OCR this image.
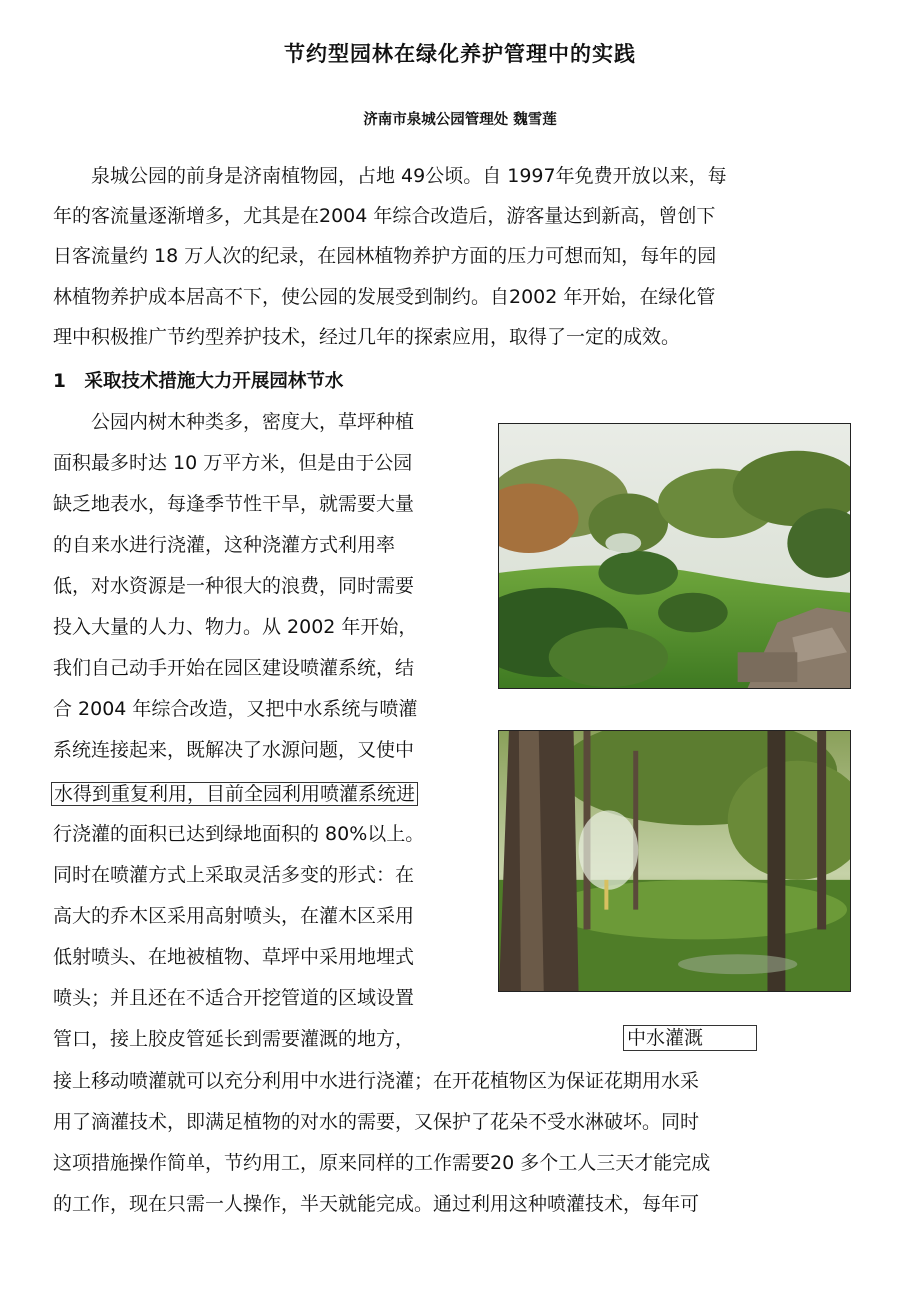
节约型园林在绿化养护管理中的实践
济南市泉城公园管理处 魏雪莲
　　泉城公园的前身是济南植物园，占地 49公顷。自 1997年免费开放以来，每
年的客流量逐渐增多，尤其是在2004 年综合改造后，游客量达到新高，曾创下
日客流量约 18 万人次的纪录，在园林植物养护方面的压力可想而知，每年的园
林植物养护成本居高不下，使公园的发展受到制约。自2002 年开始，在绿化管
理中积极推广节约型养护技术，经过几年的探索应用，取得了一定的成效。
1　采取技术措施大力开展园林节水
　　公园内树木种类多，密度大，草坪种植
面积最多时达 10 万平方米，但是由于公园
缺乏地表水，每逢季节性干旱，就需要大量
的自来水进行浇灌，这种浇灌方式利用率
低，对水资源是一种很大的浪费，同时需要
投入大量的人力、物力。从 2002 年开始，
我们自己动手开始在园区建设喷灌系统，结
合 2004 年综合改造，又把中水系统与喷灌
系统连接起来，既解决了水源问题，又使中
水得到重复利用，目前全园利用喷灌系统进
行浇灌的面积已达到绿地面积的 80%以上。
同时在喷灌方式上采取灵活多变的形式：在
高大的乔木区采用高射喷头，在灌木区采用
低射喷头、在地被植物、草坪中采用地埋式
喷头；并且还在不适合开挖管道的区域设置
管口，接上胶皮管延长到需要灌溉的地方，	中水灌溉
接上移动喷灌就可以充分利用中水进行浇灌；在开花植物区为保证花期用水采
用了滴灌技术，即满足植物的对水的需要，又保护了花朵不受水淋破坏。同时
这项措施操作简单，节约用工，原来同样的工作需要20 多个工人三天才能完成
的工作，现在只需一人操作，半天就能完成。通过利用这种喷灌技术，每年可
